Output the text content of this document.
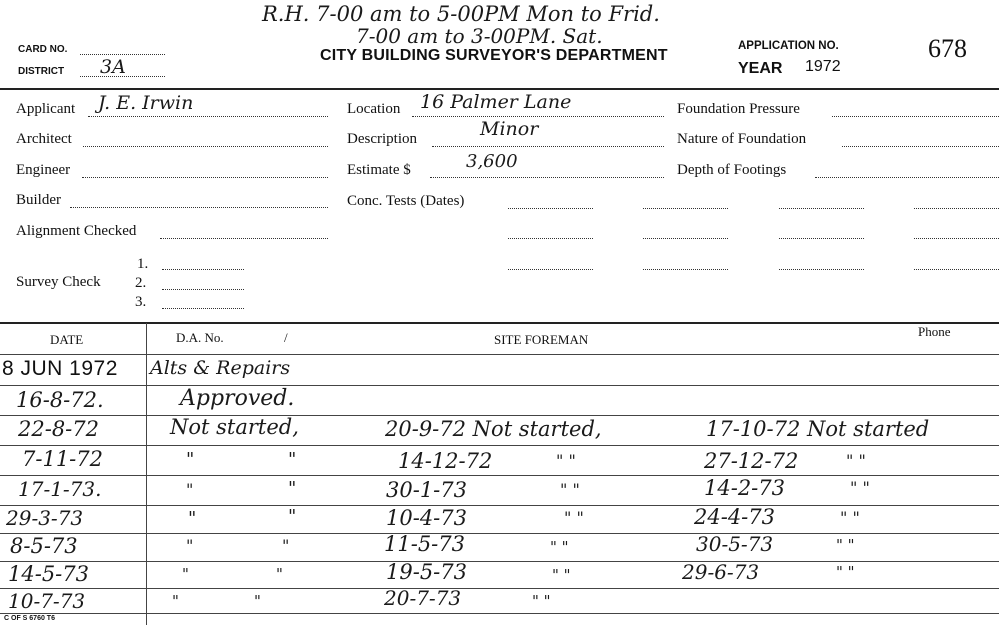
R.H. 7-00 am to 5-00PM Mon to Frid.
7-00 am to 3-00PM. Sat.
CARD NO.
DISTRICT 3A
CITY BUILDING SURVEYOR'S DEPARTMENT
APPLICATION NO.	678
YEAR 1972
Applicant J. E. Irwin
Architect
Engineer
Builder
Alignment Checked
Survey Check
1.
2.
3.
Location 16 Palmer Lane
Description	Minor
Estimate $	3,600
Conc. Tests (Dates)
Foundation Pressure
Nature of Foundation
Depth of Footings
DATE	D.A. No.	/	SITE FOREMAN
Phone
8 JUN 1972 Alts & Repairs
16-8-72.	Approved.
22-8-72	Not started,	20-9-72 Not started,	17-10-72 Not started
7-11-72	"	"	14-12-72	" "	27-12-72	" "
17-1-73.	"	"	30-1-73	" "	14-2-73	" "
29-3-73	"	"	10-4-73	" "	24-4-73	" "
8-5-73	"	"	11-5-73	" "	30-5-73	" "
14-5-73	"	"	19-5-73	" "	29-6-73	" "
10-7-73	"	"	20-7-73	" "
C OF S 6760 T6
